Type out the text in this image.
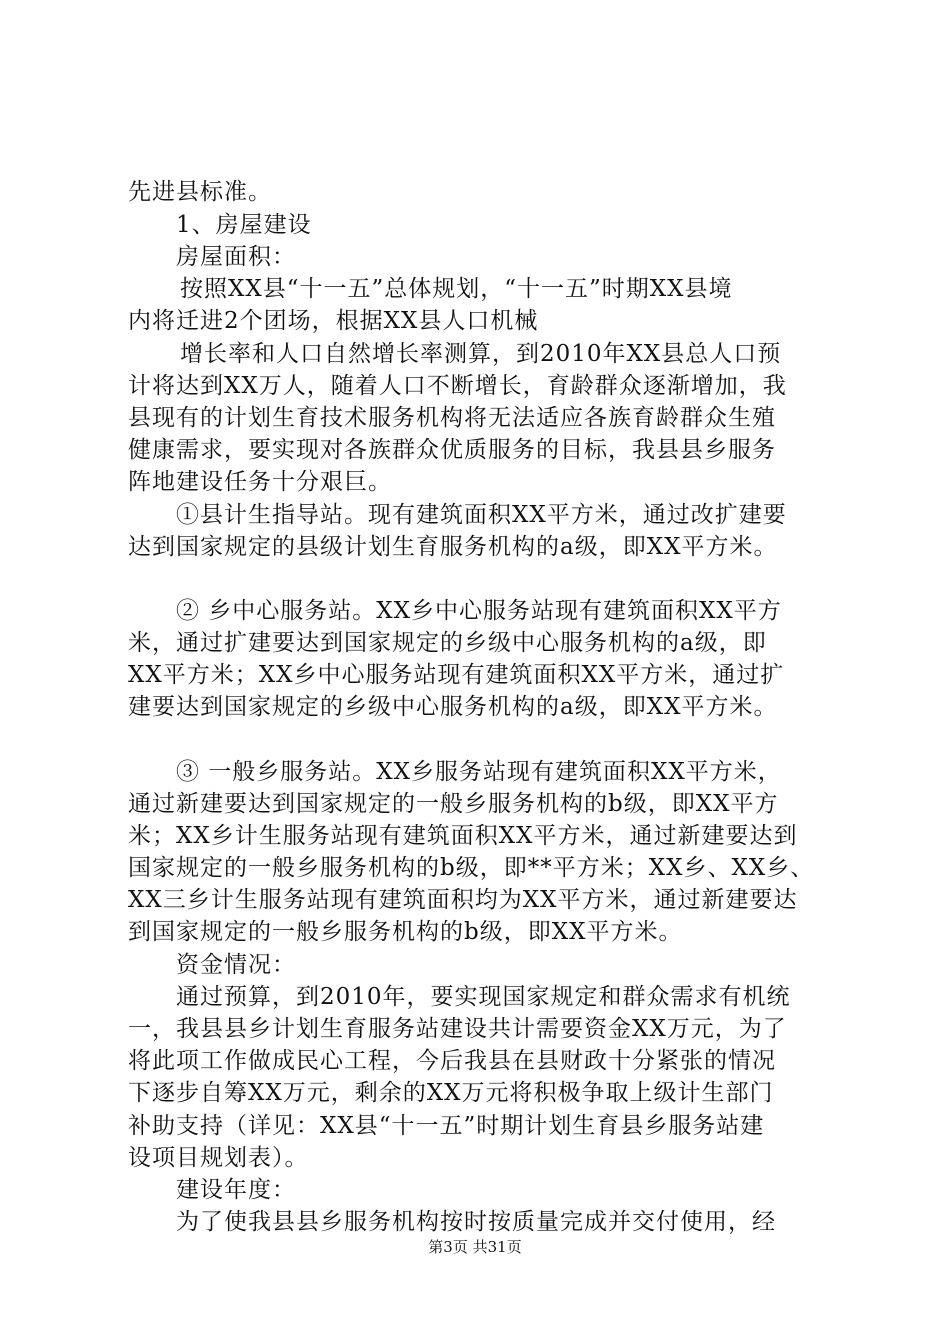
先进县标准。
1、房屋建设
房屋面积：
按照XX县“十一五”总体规划，“十一五”时期XX县境
内将迁进2个团场，根据XX县人口机械
增长率和人口自然增长率测算，到2010年XX县总人口预
计将达到XX万人，随着人口不断增长，育龄群众逐渐增加，我
县现有的计划生育技术服务机构将无法适应各族育龄群众生殖
健康需求，要实现对各族群众优质服务的目标，我县县乡服务
阵地建设任务十分艰巨。
①县计生指导站。现有建筑面积XX平方米，通过改扩建要
达到国家规定的县级计划生育服务机构的a级，即XX平方米。
② 乡中心服务站。XX乡中心服务站现有建筑面积XX平方
米，通过扩建要达到国家规定的乡级中心服务机构的a级，即
XX平方米；XX乡中心服务站现有建筑面积XX平方米，通过扩
建要达到国家规定的乡级中心服务机构的a级，即XX平方米。
③ 一般乡服务站。XX乡服务站现有建筑面积XX平方米，
通过新建要达到国家规定的一般乡服务机构的b级，即XX平方
米；XX乡计生服务站现有建筑面积XX平方米，通过新建要达到
国家规定的一般乡服务机构的b级，即**平方米；XX乡、XX乡、
XX三乡计生服务站现有建筑面积均为XX平方米，通过新建要达
到国家规定的一般乡服务机构的b级，即XX平方米。
资金情况：
通过预算，到2010年，要实现国家规定和群众需求有机统
一，我县县乡计划生育服务站建设共计需要资金XX万元，为了
将此项工作做成民心工程，今后我县在县财政十分紧张的情况
下逐步自筹XX万元，剩余的XX万元将积极争取上级计生部门
补助支持（详见：XX县“十一五”时期计划生育县乡服务站建
设项目规划表）。
建设年度：
为了使我县县乡服务机构按时按质量完成并交付使用，经
第3页 共31页
